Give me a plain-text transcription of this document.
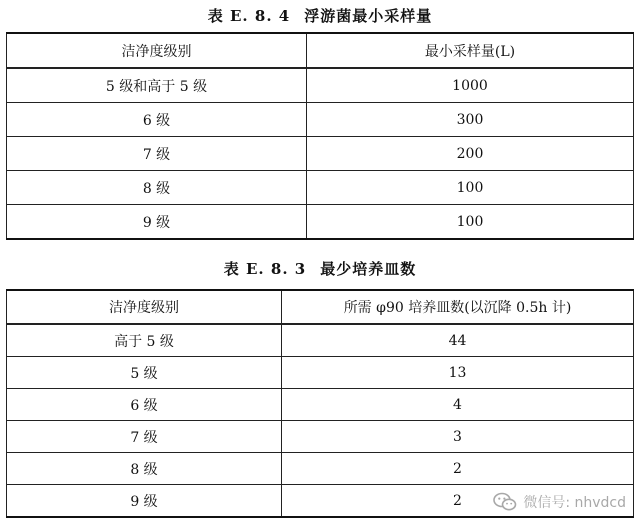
表 E. 8. 4 浮游菌最小采样量
洁净度级别	最小采样量(L)
5 级和高于 5 级	1000
6 级	300
7 级	200
8 级	100
9 级	100
表 E. 8. 3 最少培养皿数
洁净度级别	所需 φ90 培养皿数(以沉降 0.5h 计)
高于 5 级	44
5 级	13
6 级	4
7 级	3
8 级	2
9 级	2	微信号: nhvdcd
